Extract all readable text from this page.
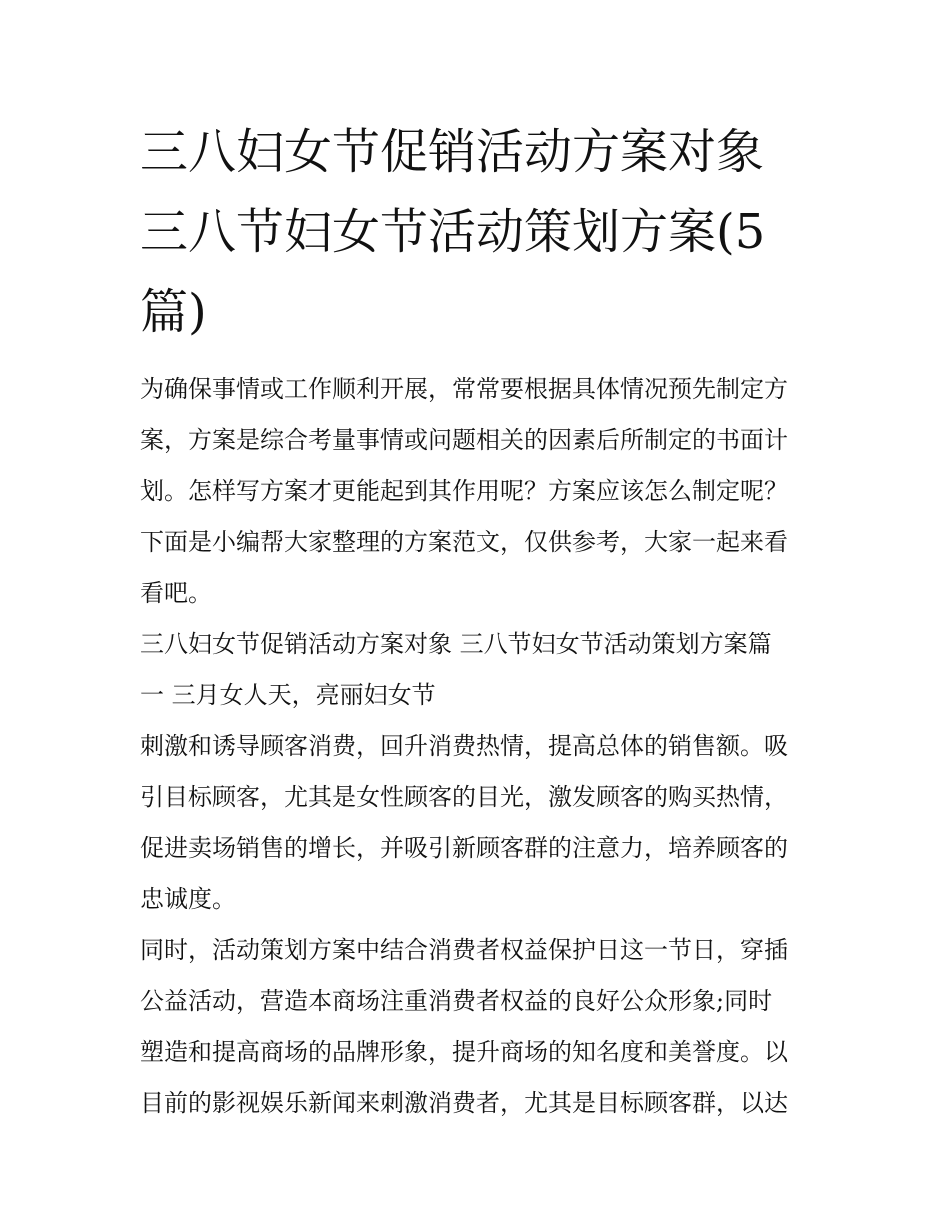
三八妇女节促销活动方案对象
三八节妇女节活动策划方案(5
篇)

为确保事情或工作顺利开展，常常要根据具体情况预先制定方
案，方案是综合考量事情或问题相关的因素后所制定的书面计
划。怎样写方案才更能起到其作用呢？方案应该怎么制定呢？
下面是小编帮大家整理的方案范文，仅供参考，大家一起来看
看吧。

三八妇女节促销活动方案对象 三八节妇女节活动策划方案篇
一 三月女人天，亮丽妇女节

刺激和诱导顾客消费，回升消费热情，提高总体的销售额。吸
引目标顾客，尤其是女性顾客的目光，激发顾客的购买热情，
促进卖场销售的增长，并吸引新顾客群的注意力，培养顾客的
忠诚度。

同时，活动策划方案中结合消费者权益保护日这一节日，穿插
公益活动，营造本商场注重消费者权益的良好公众形象;同时
塑造和提高商场的品牌形象，提升商场的知名度和美誉度。以
目前的影视娱乐新闻来刺激消费者，尤其是目标顾客群，以达
